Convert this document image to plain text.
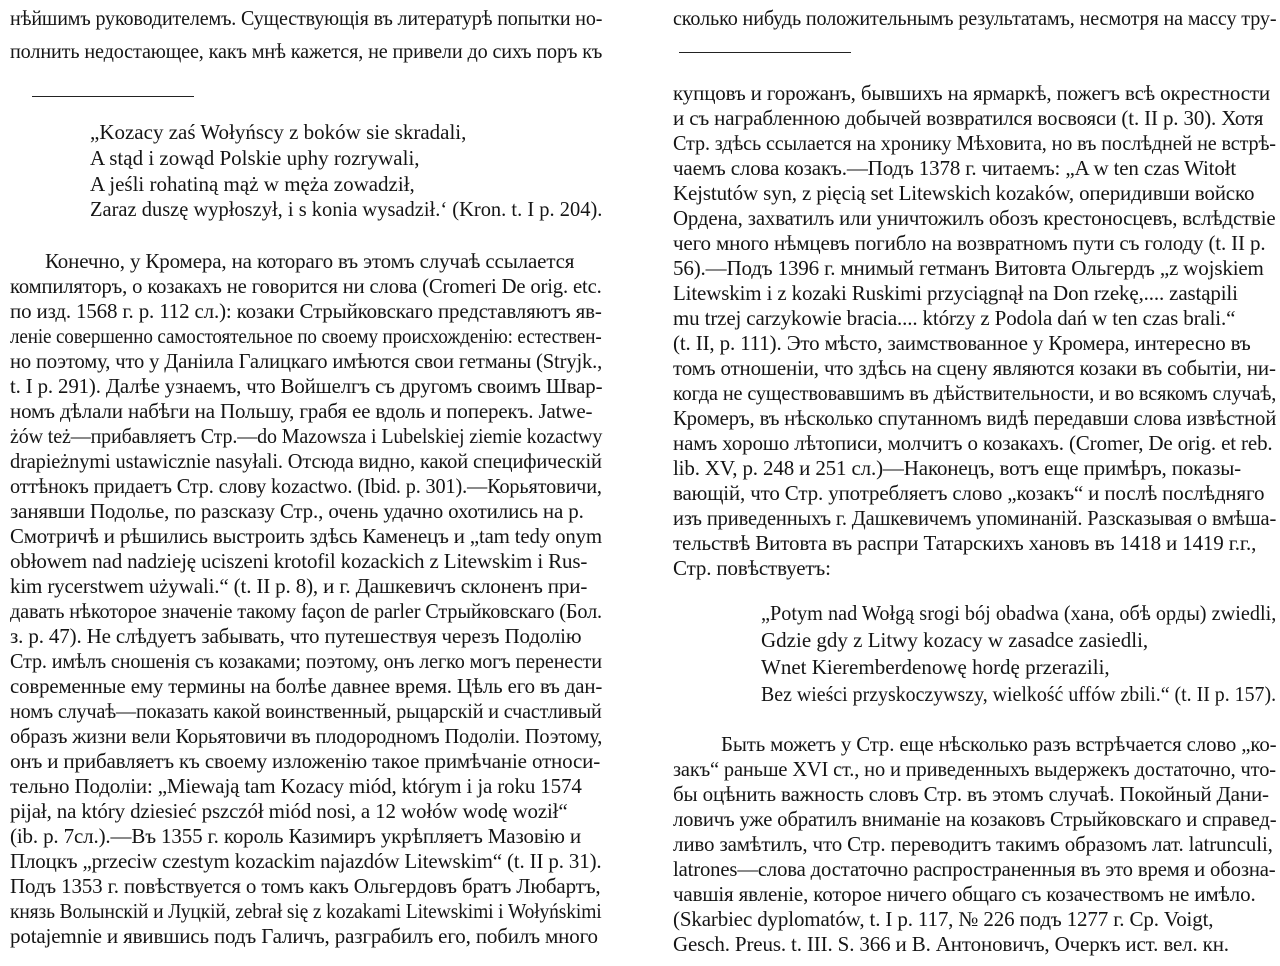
нѣйшимъ руководителемъ. Существующія въ литературѣ попытки но-
полнить недостающее, какъ мнѣ кажется, не привели до сихъ поръ къ
„Kozacy zaś Wołyńscy z boków sie skradali,
A stąd i zowąd Polskie uphy rozrywali,
A jeśli rohatiną mąż w męża zowadził,
Zaraz duszę wypłoszył, i s konia wysadził.‘ (Kron. t. I p. 204).
Конечно, у Кромера, на котораго въ этомъ случаѣ ссылается
компиляторъ, о козакахъ не говорится ни слова (Cromeri De orig. etc.
по изд. 1568 г. p. 112 сл.): козаки Стрыйковскаго представляютъ яв-
леніе совершенно самостоятельное по своему происхожденію: естествен-
но поэтому, что у Даніила Галицкаго имѣются свои гетманы (Stryjk.,
t. I p. 291). Далѣе узнаемъ, что Войшелгъ съ другомъ своимъ Швар-
номъ дѣлали набѣги на Польшу, грабя ее вдоль и поперекъ. Jatwe-
żów też—прибавляетъ Стр.—do Mazowsza i Lubelskiej ziemie kozactwy
drapieżnymi ustawicznie nasyłali. Отсюда видно, какой специфическій
оттѣнокъ придаетъ Стр. слову kozactwo. (Ibid. p. 301).—Корьятовичи,
занявши Подолье, по разсказу Стр., очень удачно охотились на р.
Смотричѣ и рѣшились выстроить здѣсь Каменецъ и „tam tedy onym
obłowem nad nadzieję uciszeni krotofil kozackich z Litewskim i Rus-
kim rycerstwem używali.“ (t. II p. 8), и г. Дашкевичъ склоненъ при-
давать нѣкоторое значеніе такому façon de parler Стрыйковскаго (Бол.
з. р. 47). Не слѣдуетъ забывать, что путешествуя черезъ Подолію
Стр. имѣлъ сношенія съ козаками; поэтому, онъ легко могъ перенести
современные ему термины на болѣе давнее время. Цѣль его въ дан-
номъ случаѣ—показать какой воинственный, рыцарскій и счастливый
образъ жизни вели Корьятовичи въ плодородномъ Подоліи. Поэтому,
онъ и прибавляетъ къ своему изложенію такое примѣчаніе относи-
тельно Подоліи: „Miewają tam Kozacy miód, którym i ja roku 1574
pijał, na który dziesieć pszczół miód nosi, a 12 wołów wodę woził“
(ib. p. 7сл.).—Въ 1355 г. король Казимиръ укрѣпляетъ Мазовію и
Плоцкъ „przeciw czestym kozackim najazdów Litewskim“ (t. II p. 31).
Подъ 1353 г. повѣствуется о томъ какъ Ольгердовъ братъ Любартъ,
князь Волынскій и Луцкій, zebrał się z kozakami Litewskimi i Wołyńskimi
potajemnie и явившись подъ Галичъ, разграбилъ его, побилъ много
сколько нибудь положительнымъ результатамъ, несмотря на массу тру-
купцовъ и горожанъ, бывшихъ на ярмаркѣ, пожегъ всѣ окрестности
и съ награбленною добычей возвратился восвояси (t. II p. 30). Хотя
Стр. здѣсь ссылается на хронику Мѣховита, но въ послѣдней не встрѣ-
чаемъ слова козакъ.—Подъ 1378 г. читаемъ: „A w ten czas Witołt
Kejstutów syn, z pięcią set Litewskich kozaków, оперидивши войско
Ордена, захватилъ или уничтожилъ обозъ крестоносцевъ, вслѣдствіе
чего много нѣмцевъ погибло на возвратномъ пути съ голоду (t. II p.
56).—Подъ 1396 г. мнимый гетманъ Витовта Ольгердъ „z wojskiem
Litewskim i z kozaki Ruskimi przyciągnął na Don rzekę,.... zastąpili
mu trzej carzykowie bracia.... którzy z Podola dań w ten czas brali.“
(t. II, p. 111). Это мѣсто, заимствованное у Кромера, интересно въ
томъ отношеніи, что здѣсь на сцену являются козаки въ событіи, ни-
когда не существовавшимъ въ дѣйствительности, и во всякомъ случаѣ,
Кромеръ, въ нѣсколько спутанномъ видѣ передавши слова извѣстной
намъ хорошо лѣтописи, молчитъ о козакахъ. (Cromer, De orig. et reb.
lib. XV, p. 248 и 251 сл.)—Наконецъ, вотъ еще примѣръ, показы-
вающій, что Стр. употребляетъ слово „козакъ“ и послѣ послѣдняго
изъ приведенныхъ г. Дашкевичемъ упоминаній. Разсказывая о вмѣша-
тельствѣ Витовта въ распри Татарскихъ хановъ въ 1418 и 1419 г.г.,
Стр. повѣствуетъ:
„Potym nad Wołgą srogi bój obadwa (хана, обѣ орды) zwiedli,
Gdzie gdy z Litwy kozacy w zasadce zasiedli,
Wnet Kieremberdenowę hordę przerazili,
Bez wieści przyskoczywszy, wielkość uffów zbili.“ (t. II p. 157).
Быть можетъ у Стр. еще нѣсколько разъ встрѣчается слово „ко-
закъ“ раньше XVI ст., но и приведенныхъ выдержекъ достаточно, что-
бы оцѣнить важность словъ Стр. въ этомъ случаѣ. Покойный Дани-
ловичъ уже обратилъ вниманіе на козаковъ Стрыйковскаго и справед-
ливо замѣтилъ, что Стр. переводитъ такимъ образомъ лат. latrunculi,
latrones—слова достаточно распространенныя въ это время и обозна-
чавшія явленіе, которое ничего общаго съ козачествомъ не имѣло.
(Skarbiec dyplomatów, t. I p. 117, № 226 подъ 1277 г. Ср. Voigt,
Gesch. Preus. t. III. S. 366 и В. Антоновичъ, Очеркъ ист. вел. кн.
